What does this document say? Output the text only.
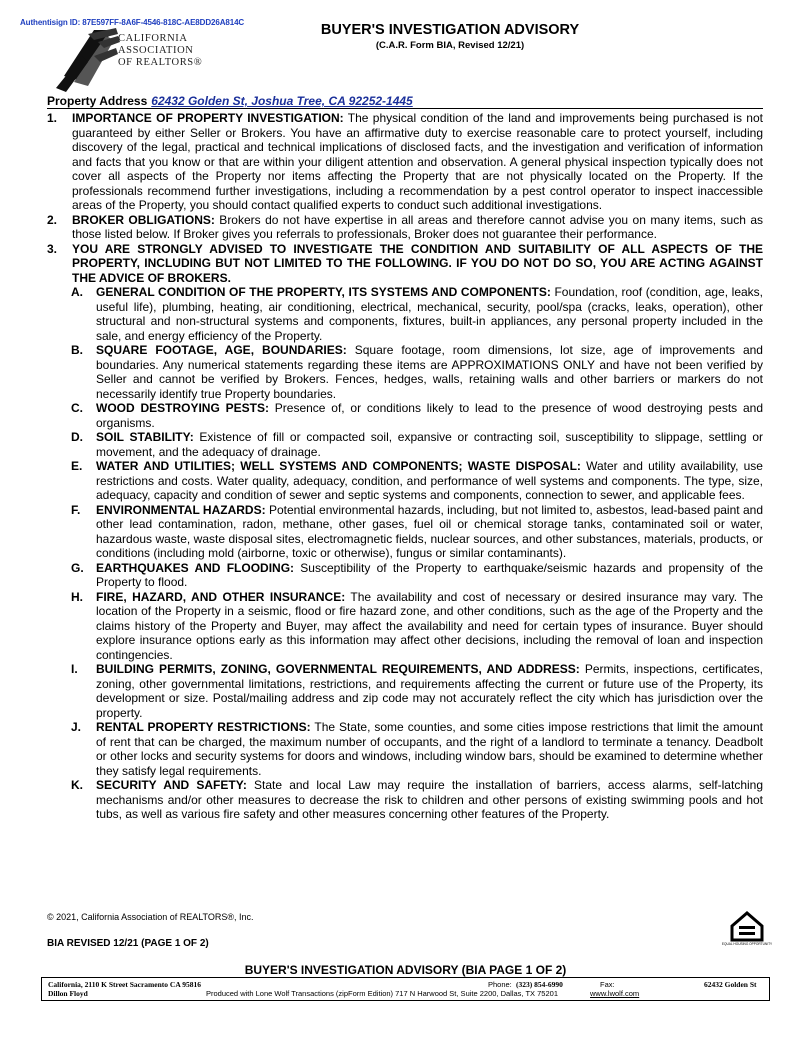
Authentisign ID: 87E597FF-8A6F-4546-818C-AE8DD26A814C
CALIFORNIA
ASSOCIATION
OF REALTORS®
BUYER'S INVESTIGATION ADVISORY
(C.A.R. Form BIA, Revised 12/21)
Property Address 62432 Golden St, Joshua Tree, CA 92252-1445
1. IMPORTANCE OF PROPERTY INVESTIGATION: The physical condition of the land and improvements being purchased is not guaranteed by either Seller or Brokers. You have an affirmative duty to exercise reasonable care to protect yourself, including discovery of the legal, practical and technical implications of disclosed facts, and the investigation and verification of information and facts that you know or that are within your diligent attention and observation. A general physical inspection typically does not cover all aspects of the Property nor items affecting the Property that are not physically located on the Property. If the professionals recommend further investigations, including a recommendation by a pest control operator to inspect inaccessible areas of the Property, you should contact qualified experts to conduct such additional investigations.
2. BROKER OBLIGATIONS: Brokers do not have expertise in all areas and therefore cannot advise you on many items, such as those listed below. If Broker gives you referrals to professionals, Broker does not guarantee their performance.
3. YOU ARE STRONGLY ADVISED TO INVESTIGATE THE CONDITION AND SUITABILITY OF ALL ASPECTS OF THE PROPERTY, INCLUDING BUT NOT LIMITED TO THE FOLLOWING. IF YOU DO NOT DO SO, YOU ARE ACTING AGAINST THE ADVICE OF BROKERS.
A. GENERAL CONDITION OF THE PROPERTY, ITS SYSTEMS AND COMPONENTS: Foundation, roof (condition, age, leaks, useful life), plumbing, heating, air conditioning, electrical, mechanical, security, pool/spa (cracks, leaks, operation), other structural and non-structural systems and components, fixtures, built-in appliances, any personal property included in the sale, and energy efficiency of the Property.
B. SQUARE FOOTAGE, AGE, BOUNDARIES: Square footage, room dimensions, lot size, age of improvements and boundaries. Any numerical statements regarding these items are APPROXIMATIONS ONLY and have not been verified by Seller and cannot be verified by Brokers. Fences, hedges, walls, retaining walls and other barriers or markers do not necessarily identify true Property boundaries.
C. WOOD DESTROYING PESTS: Presence of, or conditions likely to lead to the presence of wood destroying pests and organisms.
D. SOIL STABILITY: Existence of fill or compacted soil, expansive or contracting soil, susceptibility to slippage, settling or movement, and the adequacy of drainage.
E. WATER AND UTILITIES; WELL SYSTEMS AND COMPONENTS; WASTE DISPOSAL: Water and utility availability, use restrictions and costs. Water quality, adequacy, condition, and performance of well systems and components. The type, size, adequacy, capacity and condition of sewer and septic systems and components, connection to sewer, and applicable fees.
F. ENVIRONMENTAL HAZARDS: Potential environmental hazards, including, but not limited to, asbestos, lead-based paint and other lead contamination, radon, methane, other gases, fuel oil or chemical storage tanks, contaminated soil or water, hazardous waste, waste disposal sites, electromagnetic fields, nuclear sources, and other substances, materials, products, or conditions (including mold (airborne, toxic or otherwise), fungus or similar contaminants).
G. EARTHQUAKES AND FLOODING: Susceptibility of the Property to earthquake/seismic hazards and propensity of the Property to flood.
H. FIRE, HAZARD, AND OTHER INSURANCE: The availability and cost of necessary or desired insurance may vary. The location of the Property in a seismic, flood or fire hazard zone, and other conditions, such as the age of the Property and the claims history of the Property and Buyer, may affect the availability and need for certain types of insurance. Buyer should explore insurance options early as this information may affect other decisions, including the removal of loan and inspection contingencies.
I. BUILDING PERMITS, ZONING, GOVERNMENTAL REQUIREMENTS, AND ADDRESS: Permits, inspections, certificates, zoning, other governmental limitations, restrictions, and requirements affecting the current or future use of the Property, its development or size. Postal/mailing address and zip code may not accurately reflect the city which has jurisdiction over the property.
J. RENTAL PROPERTY RESTRICTIONS: The State, some counties, and some cities impose restrictions that limit the amount of rent that can be charged, the maximum number of occupants, and the right of a landlord to terminate a tenancy. Deadbolt or other locks and security systems for doors and windows, including window bars, should be examined to determine whether they satisfy legal requirements.
K. SECURITY AND SAFETY: State and local Law may require the installation of barriers, access alarms, self-latching mechanisms and/or other measures to decrease the risk to children and other persons of existing swimming pools and hot tubs, as well as various fire safety and other measures concerning other features of the Property.
© 2021, California Association of REALTORS®, Inc.
BIA REVISED 12/21 (PAGE 1 OF 2)	EQUAL HOUSING OPPORTUNITY
BUYER'S INVESTIGATION ADVISORY (BIA PAGE 1 OF 2)
California, 2110 K Street Sacramento CA 95816
Dillon Floyd
Phone: (323) 854-6990	Fax:	62432 Golden St
Produced with Lone Wolf Transactions (zipForm Edition) 717 N Harwood St, Suite 2200, Dallas, TX 75201	www.lwolf.com
